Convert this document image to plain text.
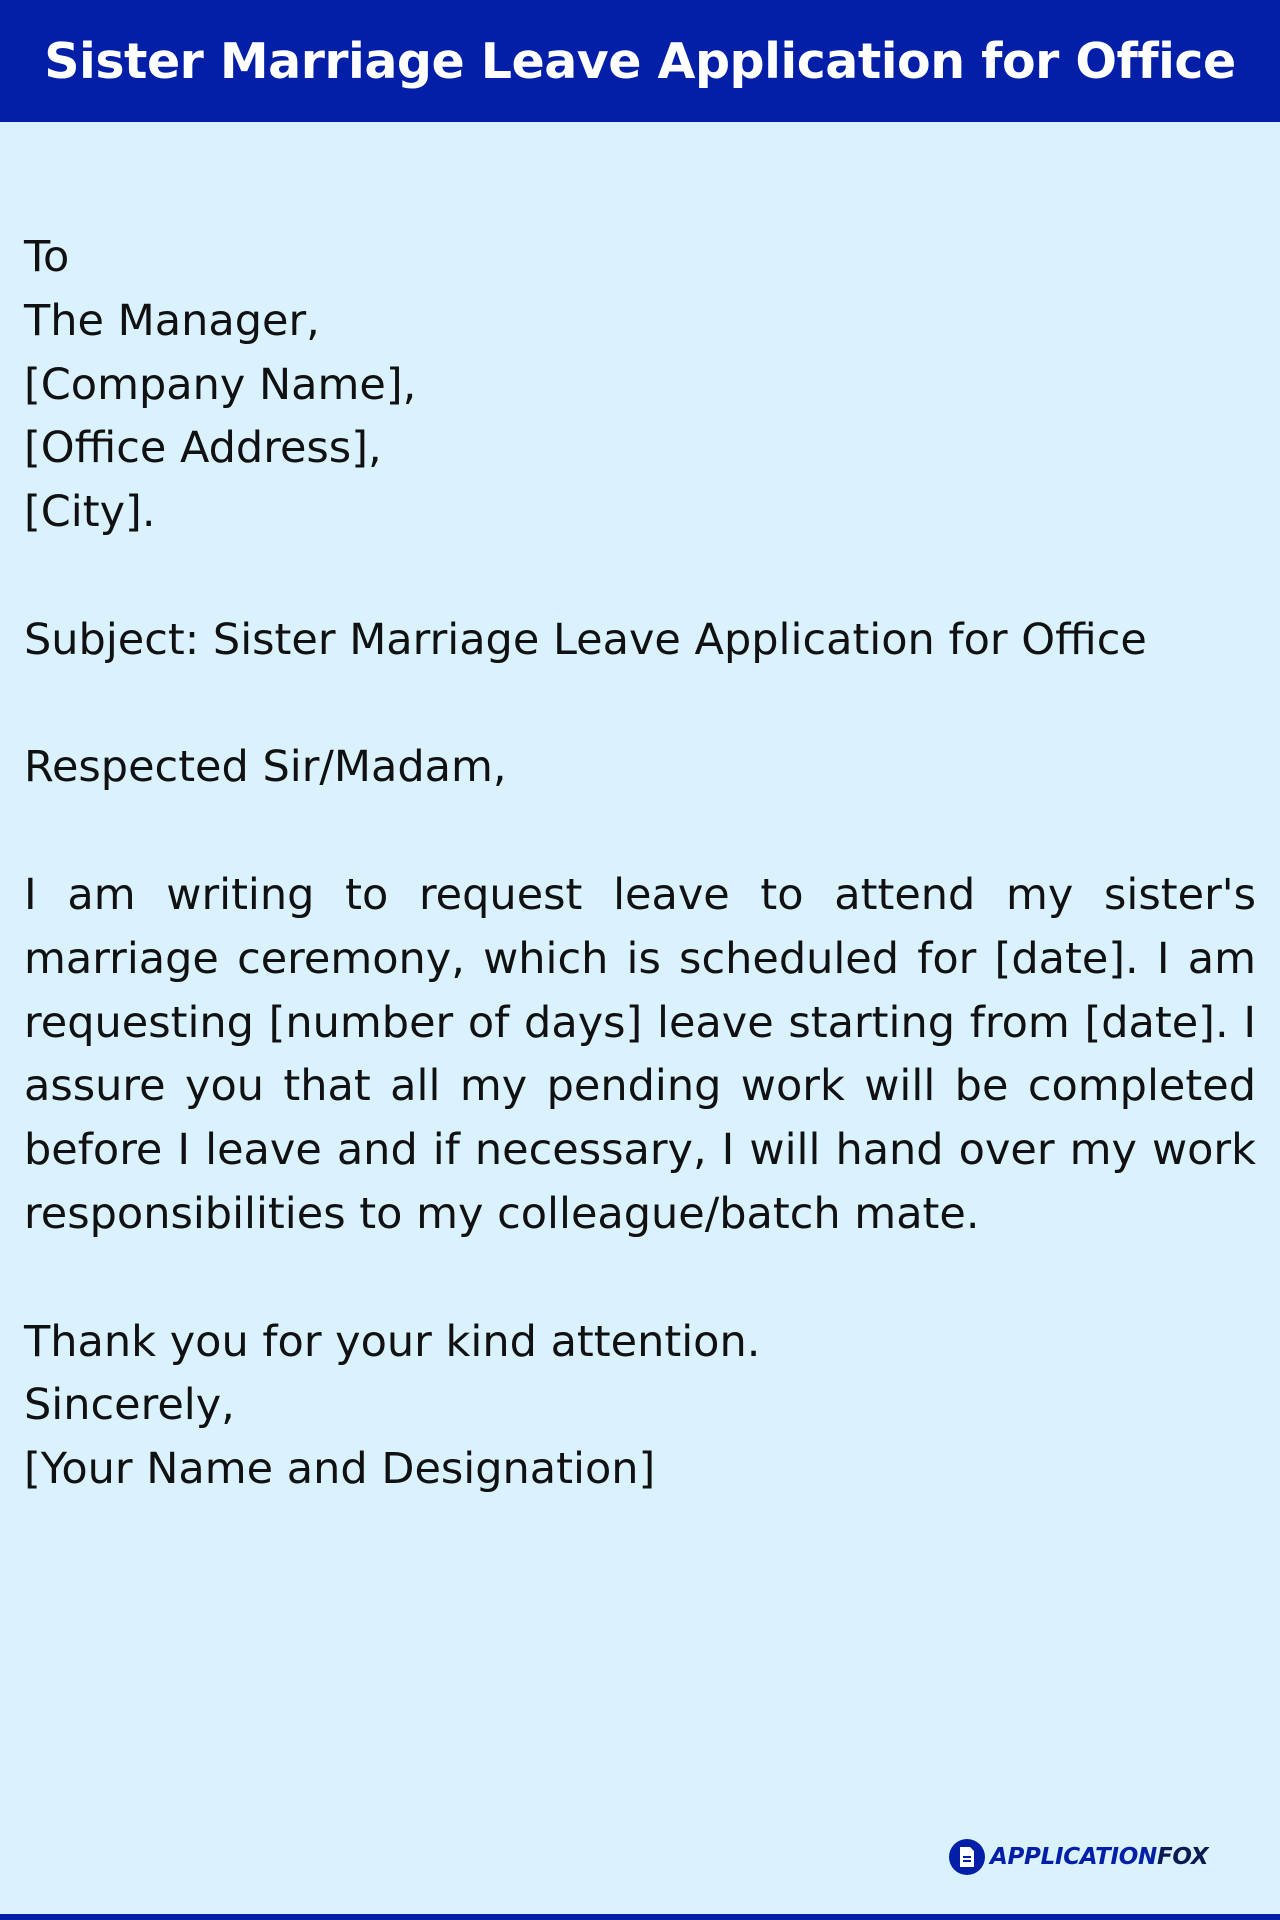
Sister Marriage Leave Application for Office
To
The Manager,
[Company Name],
[Office Address],
[City].
Subject: Sister Marriage Leave Application for Office
Respected Sir/Madam,
I am writing to request leave to attend my sister's marriage ceremony, which is scheduled for [date]. I am requesting [number of days] leave starting from [date]. I assure you that all my pending work will be completed before I leave and if necessary, I will hand over my work responsibilities to my colleague/batch mate.
Thank you for your kind attention.
Sincerely,
[Your Name and Designation]
APPLICATIONFOX
